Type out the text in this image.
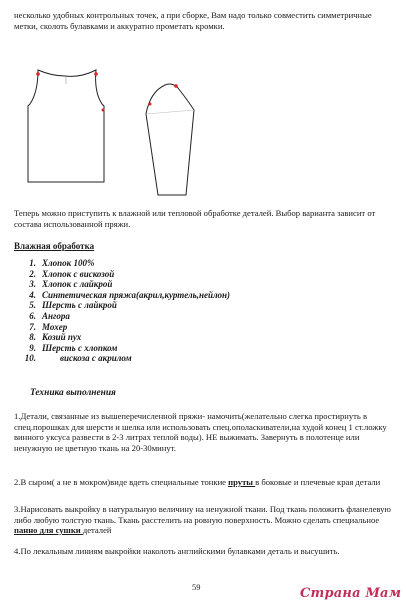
несколько удобных контрольных точек, а при сборке, Вам надо только совместить симметричные метки, сколоть булавками и аккуратно прометать кромки.

Теперь можно приступить к влажной или тепловой обработке деталей. Выбор варианта зависит от состава использованной пряжи.

Влажная обработка
1. Хлопок 100%
2. Хлопок с вискозой
3. Хлопок с лайкрой
4. Синтетическая пряжа(акрил,куртель,нейлон)
5. Шерсть с лайкрой
6. Ангора
7. Мохер
8. Козий пух
9. Шерсть с хлопком
10.	вискоза с акрилом
Техника выполнения

1.Детали, связанные из вышеперечисленной пряжи- намочить(желательно слегка простирнуть в спец.порошках для шерсти и шелка или использовать спец.ополаскиватели,на худой конец 1 ст.ложку винного уксуса развести в 2-3 литрах теплой воды). НЕ выжимать. Завернуть в полотенце или ненужную не цветную ткань на 20-30минут.

2.В сыром( а не в мокром)виде вдеть специальные тонкие пруты в боковые и плечевые края детали

3.Нарисовать выкройку в натуральную величину на ненужной ткани. Под ткань положить фланелевую либо любую толстую ткань. Ткань расстелить на ровную поверхность. Можно сделать специальное панно для сушки деталей

4.По лекальным линиям выкройки наколоть английскими булавками деталь и высушить.

59	Страна Мам
